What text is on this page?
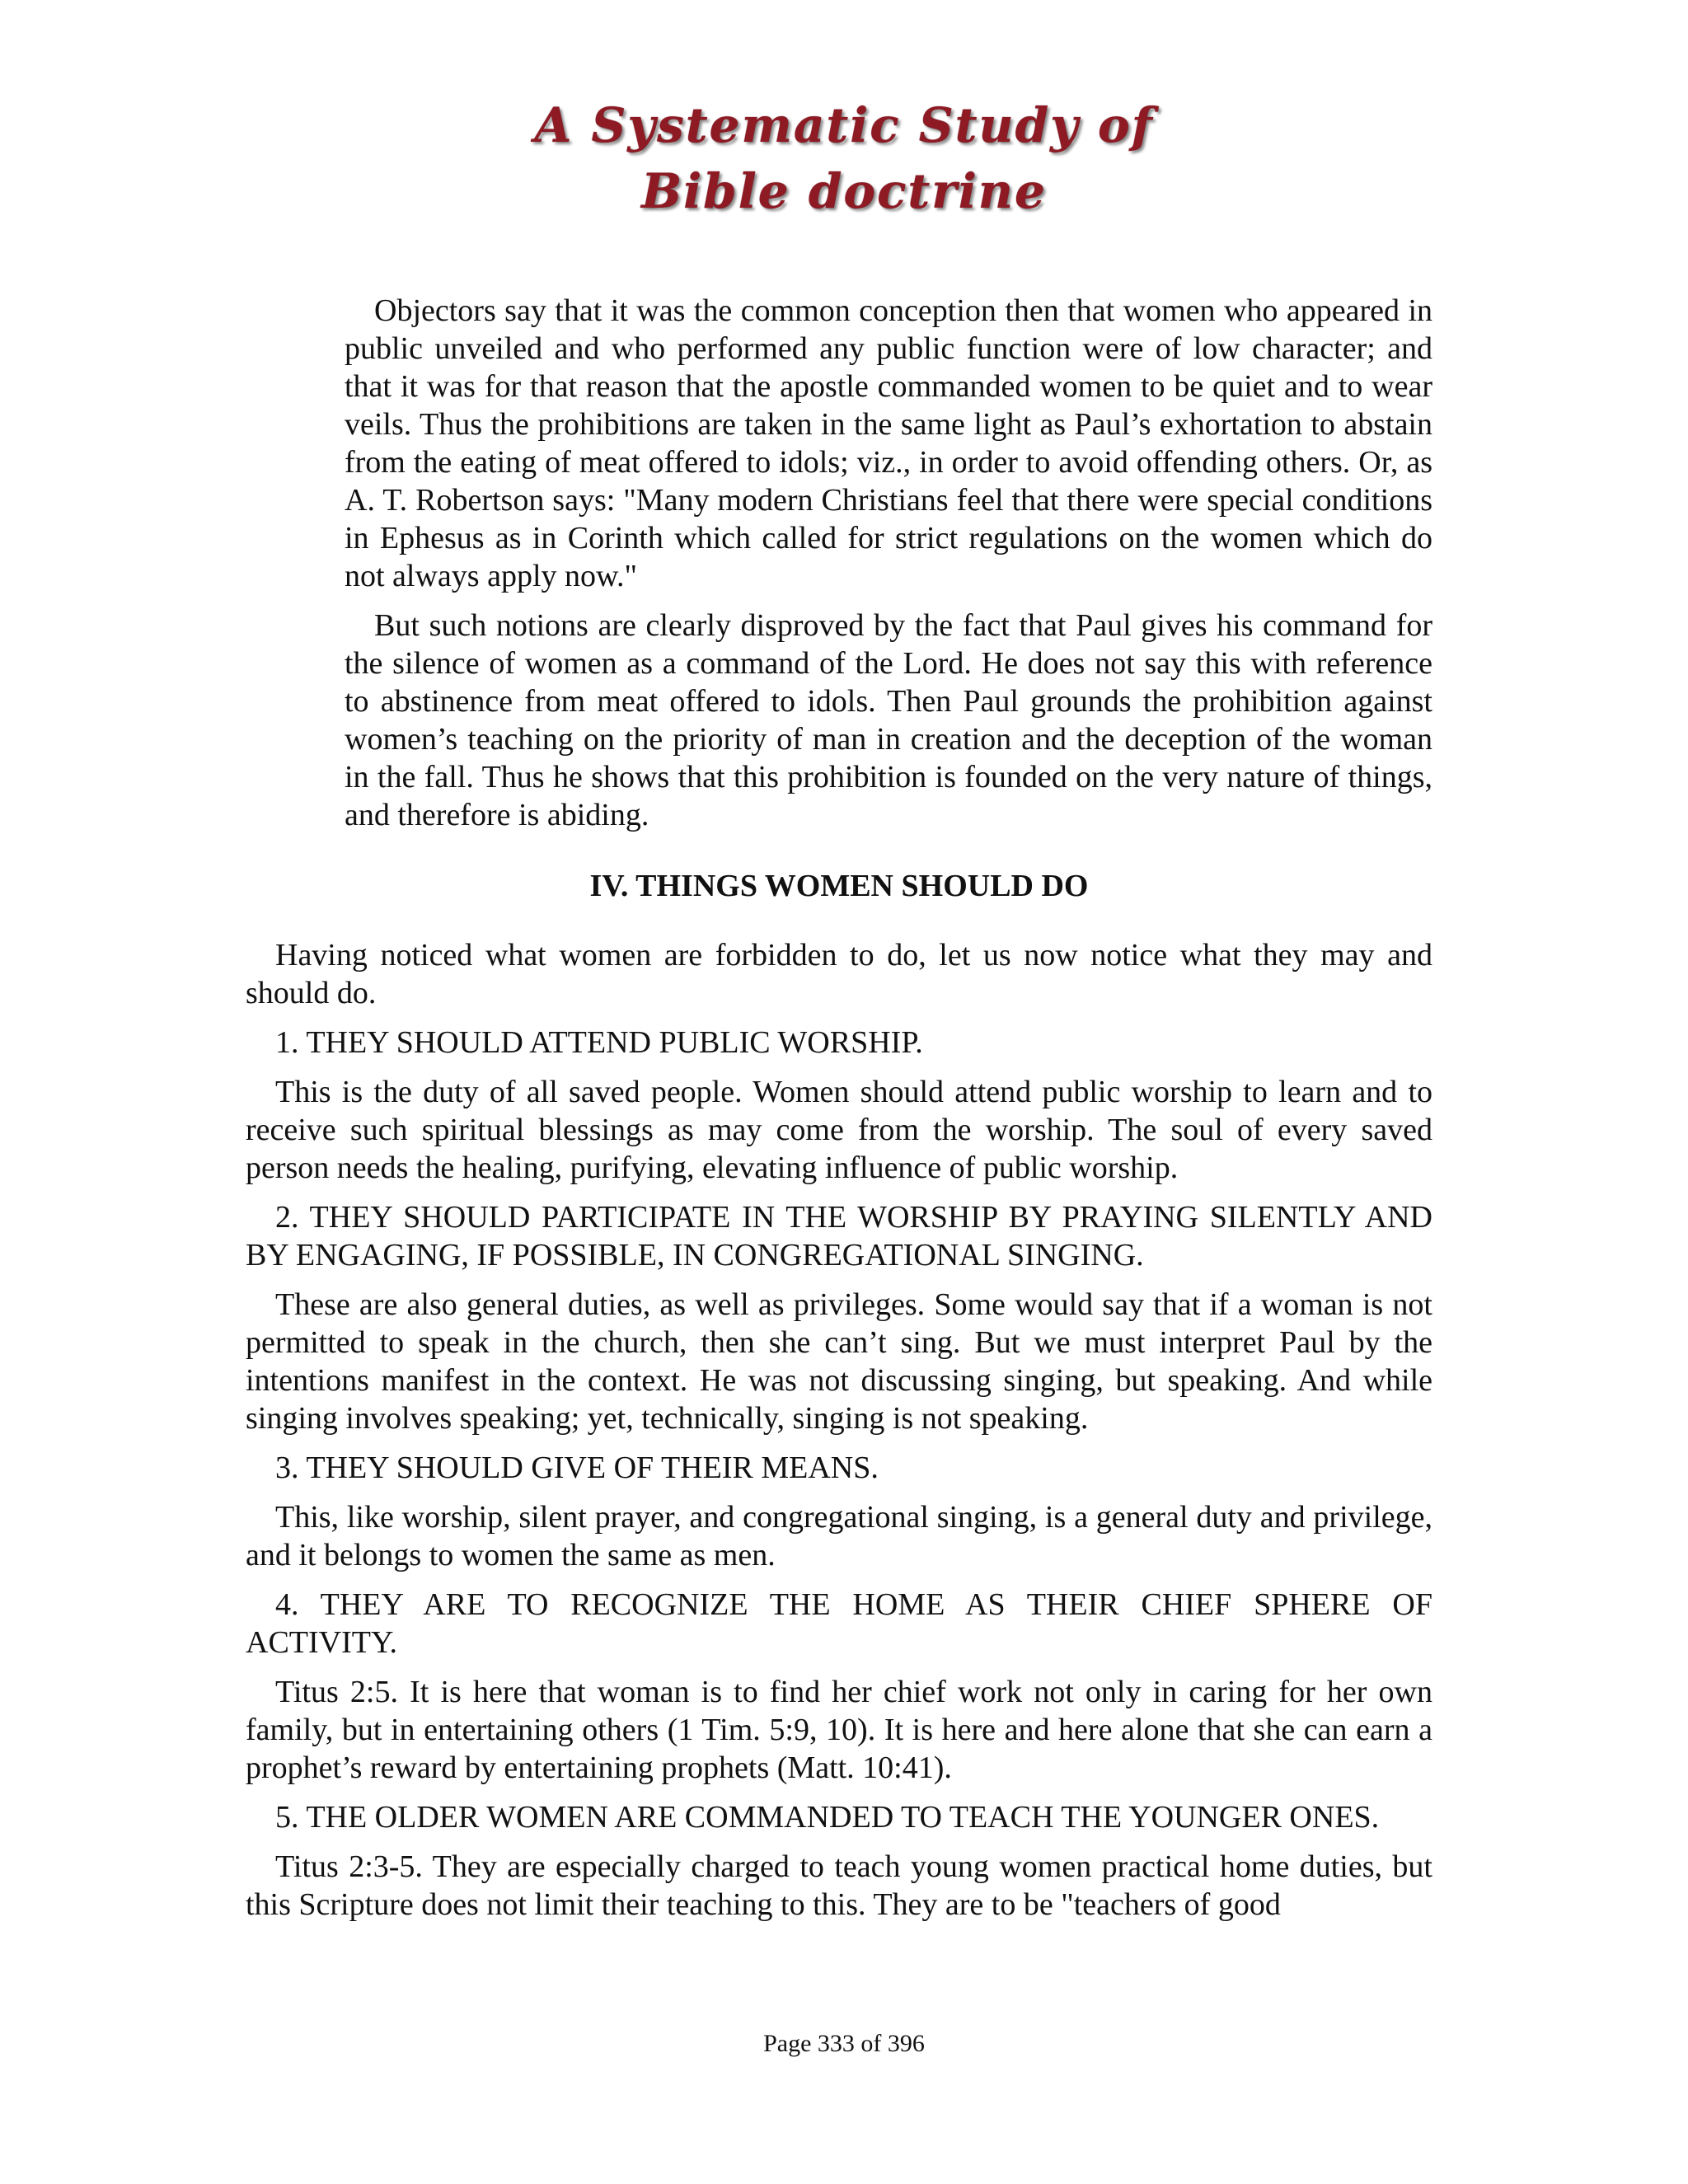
A Systematic Study of
Bible doctrine

Objectors say that it was the common conception then that women who appeared in public unveiled and who performed any public function were of low character; and that it was for that reason that the apostle commanded women to be quiet and to wear veils. Thus the prohibitions are taken in the same light as Paul’s exhortation to abstain from the eating of meat offered to idols; viz., in order to avoid offending others. Or, as A. T. Robertson says: "Many modern Christians feel that there were special conditions in Ephesus as in Corinth which called for strict regulations on the women which do not always apply now."

But such notions are clearly disproved by the fact that Paul gives his command for the silence of women as a command of the Lord. He does not say this with reference to abstinence from meat offered to idols. Then Paul grounds the prohibition against women’s teaching on the priority of man in creation and the deception of the woman in the fall. Thus he shows that this prohibition is founded on the very nature of things, and therefore is abiding.

IV. THINGS WOMEN SHOULD DO

Having noticed what women are forbidden to do, let us now notice what they may and should do.

1. THEY SHOULD ATTEND PUBLIC WORSHIP.

This is the duty of all saved people. Women should attend public worship to learn and to receive such spiritual blessings as may come from the worship. The soul of every saved person needs the healing, purifying, elevating influence of public worship.

2. THEY SHOULD PARTICIPATE IN THE WORSHIP BY PRAYING SILENTLY AND BY ENGAGING, IF POSSIBLE, IN CONGREGATIONAL SINGING.

These are also general duties, as well as privileges. Some would say that if a woman is not permitted to speak in the church, then she can’t sing. But we must interpret Paul by the intentions manifest in the context. He was not discussing singing, but speaking. And while singing involves speaking; yet, technically, singing is not speaking.

3. THEY SHOULD GIVE OF THEIR MEANS.

This, like worship, silent prayer, and congregational singing, is a general duty and privilege, and it belongs to women the same as men.

4. THEY ARE TO RECOGNIZE THE HOME AS THEIR CHIEF SPHERE OF ACTIVITY.

Titus 2:5. It is here that woman is to find her chief work not only in caring for her own family, but in entertaining others (1 Tim. 5:9, 10). It is here and here alone that she can earn a prophet’s reward by entertaining prophets (Matt. 10:41).

5. THE OLDER WOMEN ARE COMMANDED TO TEACH THE YOUNGER ONES.

Titus 2:3-5. They are especially charged to teach young women practical home duties, but this Scripture does not limit their teaching to this. They are to be "teachers of good

Page 333 of 396
